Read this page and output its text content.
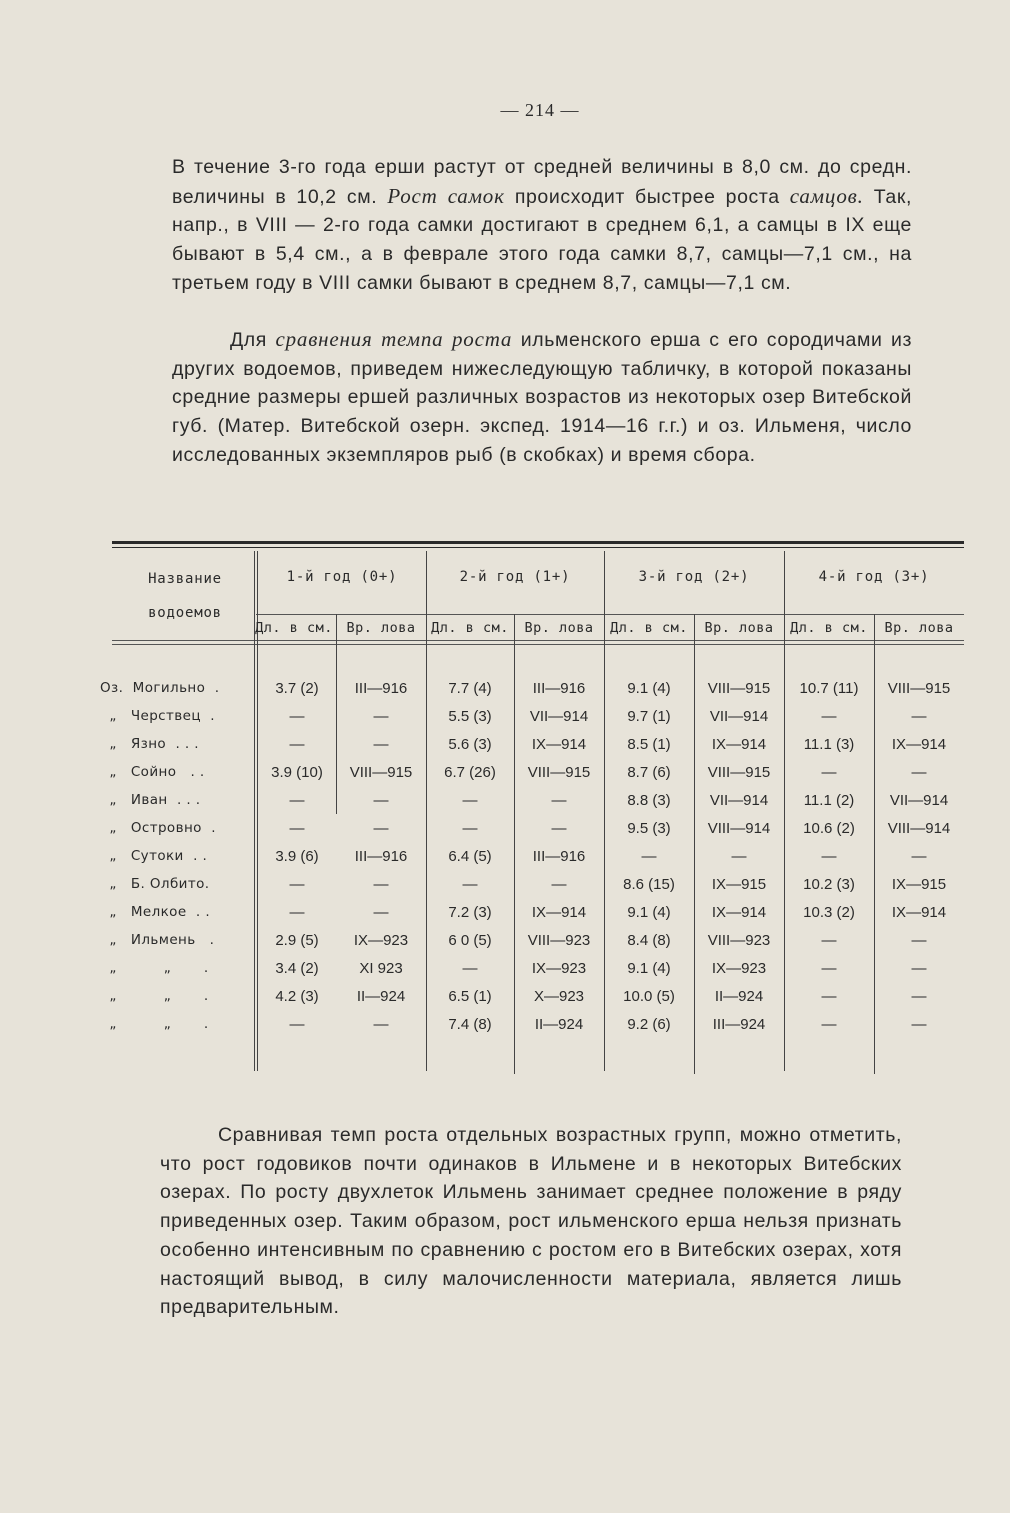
— 214 —

В течение 3-го года ерши растут от средней величины в 8,0 см. до средн. величины в 10,2 см. Рост самок происходит быстрее роста самцов. Так, напр., в VIII — 2-го года самки достигают в среднем 6,1, а самцы в IX еще бывают в 5,4 см., а в феврале этого года самки 8,7, самцы—7,1 см., на третьем году в VIII самки бывают в среднем 8,7, самцы—7,1 см.

Для сравнения темпа роста ильменского ерша с его сородичами из других водоемов, приведем нижеследующую табличку, в которой показаны средние размеры ершей различных возрастов из некоторых озер Витебской губ. (Матер. Витебской озерн. экспед. 1914—16 г.г.) и оз. Ильменя, число исследованных экземпляров рыб (в скобках) и время сбора.

Название
водоемов
1-й год (0+)	2-й год (1+)	3-й год (2+)	4-й год (3+)
Дл. в см.	Вр. лова	Дл. в см.	Вр. лова	Дл. в см.	Вр. лова	Дл. в см.	Вр. лова
Оз.  Могильно  .	3.7 (2)	III—916	7.7 (4)	III—916	9.1 (4)	VIII—915	10.7 (11)	VIII—915
„   Черствец  .	—	—	5.5 (3)	VII—914	9.7 (1)	VII—914	—	—
„   Язно  . . .	—	—	5.6 (3)	IX—914	8.5 (1)	IX—914	11.1 (3)	IX—914
„   Сойно   . .	3.9 (10)	VIII—915	6.7 (26)	VIII—915	8.7 (6)	VIII—915	—	—
„   Иван  . . .	—	—	—	—	8.8 (3)	VII—914	11.1 (2)	VII—914
„   Островно  .	—	—	—	—	9.5 (3)	VIII—914	10.6 (2)	VIII—914
„   Сутоки  . .	3.9 (6)	III—916	6.4 (5)	III—916	—	—	—	—
„   Б. Олбито.	—	—	—	—	8.6 (15)	IX—915	10.2 (3)	IX—915
„   Мелкое  . .	—	—	7.2 (3)	IX—914	9.1 (4)	IX—914	10.3 (2)	IX—914
„   Ильмень   .	2.9 (5)	IX—923	6 0 (5)	VIII—923	8.4 (8)	VIII—923	—	—
„          „       .	3.4 (2)	XI 923	—	IX—923	9.1 (4)	IX—923	—	—
„          „       .	4.2 (3)	II—924	6.5 (1)	X—923	10.0 (5)	II—924	—	—
„          „       .	—	—	7.4 (8)	II—924	9.2 (6)	III—924	—	—

Сравнивая темп роста отдельных возрастных групп, можно отметить, что рост годовиков почти одинаков в Ильмене и в некоторых Витебских озерах. По росту двухлеток Ильмень занимает среднее положение в ряду приведенных озер. Таким образом, рост ильменского ерша нельзя признать особенно интенсивным по сравнению с ростом его в Витебских озерах, хотя настоящий вывод, в силу малочисленности материала, является лишь предварительным.
